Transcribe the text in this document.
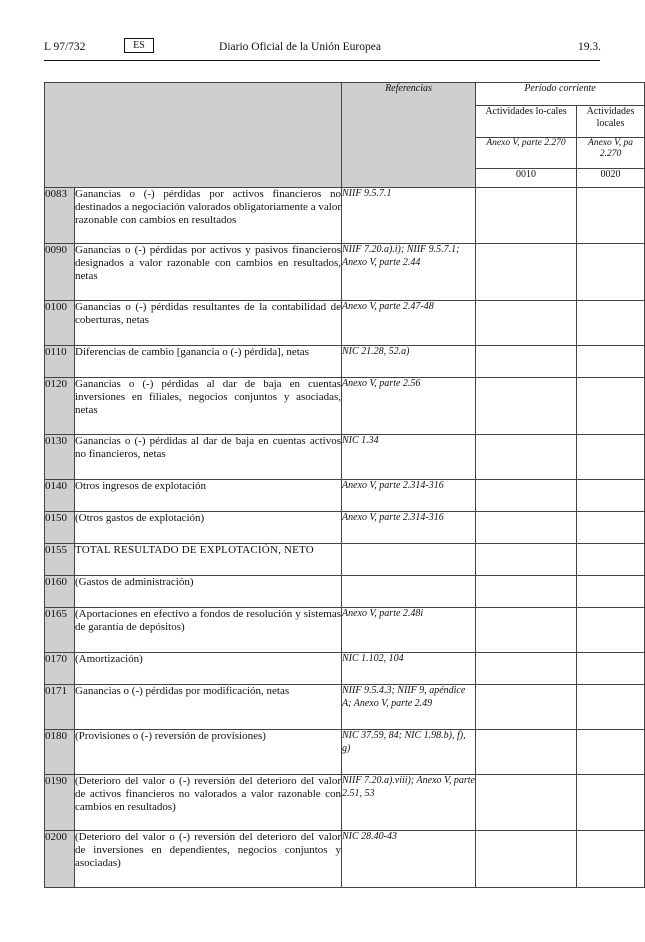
L 97/732	ES	Diario Oficial de la Unión Europea	19.3.
		Referencias	Período corriente	
			Actividades lo-cales	Actividades locales
			Anexo V, parte 2.270	Anexo V, pa 2.270
			0010	0020
0083	Ganancias o (-) pérdidas por activos financieros no destinados a negociación valorados obligatoriamente a valor razonable con cambios en resultados	NIIF 9.5.7.1		
0090	Ganancias o (-) pérdidas por activos y pasivos financieros designados a valor razonable con cambios en resultados, netas	NIIF 7.20.a).i); NIIF 9.5.7.1; Anexo V, parte 2.44		
0100	Ganancias o (-) pérdidas resultantes de la contabilidad de coberturas, netas	Anexo V, parte 2.47-48		
0110	Diferencias de cambio [ganancia o (-) pérdida], netas	NIC 21.28, 52.a)		
0120	Ganancias o (-) pérdidas al dar de baja en cuentas inversiones en filiales, negocios conjuntos y asociadas, netas	Anexo V, parte 2.56		
0130	Ganancias o (-) pérdidas al dar de baja en cuentas activos no financieros, netas	NIC 1.34		
0140	Otros ingresos de explotación	Anexo V, parte 2.314-316		
0150	(Otros gastos de explotación)	Anexo V, parte 2.314-316		
0155	TOTAL RESULTADO DE EXPLOTACIÓN, NETO			
0160	(Gastos de administración)			
0165	(Aportaciones en efectivo a fondos de resolución y sistemas de garantía de depósitos)	Anexo V, parte 2.48i		
0170	(Amortización)	NIC 1.102, 104		
0171	Ganancias o (-) pérdidas por modificación, netas	NIIF 9.5.4.3; NIIF 9, apéndice A; Anexo V, parte 2.49		
0180	(Provisiones o (-) reversión de provisiones)	NIC 37.59, 84; NIC 1.98.b), f), g)		
0190	(Deterioro del valor o (-) reversión del deterioro del valor de activos financieros no valorados a valor razonable con cambios en resultados)	NIIF 7.20.a).viii); Anexo V, parte 2.51, 53		
0200	(Deterioro del valor o (-) reversión del deterioro del valor de inversiones en dependientes, negocios conjuntos y asociadas)	NIC 28.40-43		
